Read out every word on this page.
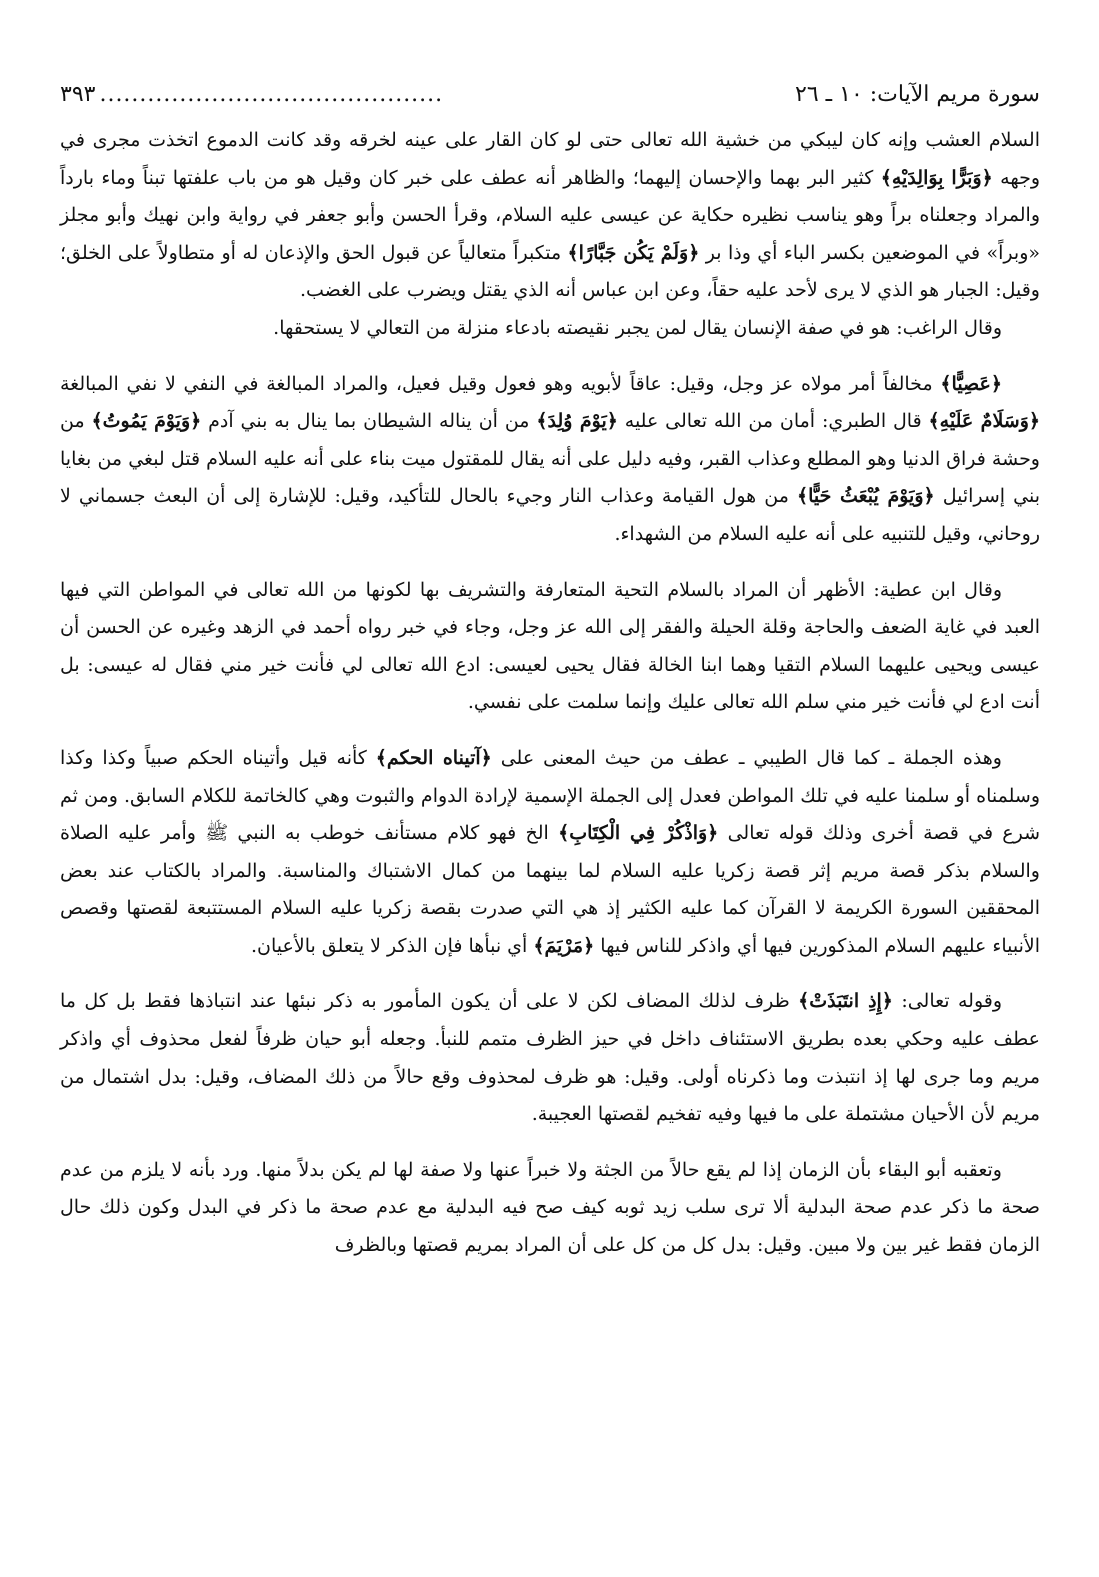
سورة مريم الآيات: ١٠ ـ ٢٦
...........................................
٣٩٣

السلام العشب وإنه كان ليبكي من خشية الله تعالى حتى لو كان القار على عينه لخرقه وقد كانت الدموع اتخذت مجرى في وجهه ﴿وَبَرًّا بِوَالِدَيْهِ﴾ كثير البر بهما والإحسان إليهما؛ والظاهر أنه عطف على خبر كان وقيل هو من باب علفتها تبناً وماء بارداً والمراد وجعلناه براً وهو يناسب نظيره حكاية عن عيسى عليه السلام، وقرأ الحسن وأبو جعفر في رواية وابن نهيك وأبو مجلز «وبراً» في الموضعين بكسر الباء أي وذا بر ﴿وَلَمْ يَكُن جَبَّارًا﴾ متكبراً متعالياً عن قبول الحق والإذعان له أو متطاولاً على الخلق؛ وقيل: الجبار هو الذي لا يرى لأحد عليه حقاً، وعن ابن عباس أنه الذي يقتل ويضرب على الغضب.

وقال الراغب: هو في صفة الإنسان يقال لمن يجبر نقيصته بادعاء منزلة من التعالي لا يستحقها.

﴿عَصِيًّا﴾ مخالفاً أمر مولاه عز وجل، وقيل: عاقاً لأبويه وهو فعول وقيل فعيل، والمراد المبالغة في النفي لا نفي المبالغة ﴿وَسَلَامٌ عَلَيْهِ﴾ قال الطبري: أمان من الله تعالى عليه ﴿يَوْمَ وُلِدَ﴾ من أن يناله الشيطان بما ينال به بني آدم ﴿وَيَوْمَ يَمُوتُ﴾ من وحشة فراق الدنيا وهو المطلع وعذاب القبر، وفيه دليل على أنه يقال للمقتول ميت بناء على أنه عليه السلام قتل لبغي من بغايا بني إسرائيل ﴿وَيَوْمَ يُبْعَثُ حَيًّا﴾ من هول القيامة وعذاب النار وجيء بالحال للتأكيد، وقيل: للإشارة إلى أن البعث جسماني لا روحاني، وقيل للتنبيه على أنه عليه السلام من الشهداء.

وقال ابن عطية: الأظهر أن المراد بالسلام التحية المتعارفة والتشريف بها لكونها من الله تعالى في المواطن التي فيها العبد في غاية الضعف والحاجة وقلة الحيلة والفقر إلى الله عز وجل، وجاء في خبر رواه أحمد في الزهد وغيره عن الحسن أن عيسى ويحيى عليهما السلام التقيا وهما ابنا الخالة فقال يحيى لعيسى: ادع الله تعالى لي فأنت خير مني فقال له عيسى: بل أنت ادع لي فأنت خير مني سلم الله تعالى عليك وإنما سلمت على نفسي.

وهذه الجملة ـ كما قال الطيبي ـ عطف من حيث المعنى على ﴿آتيناه الحكم﴾ كأنه قيل وأتيناه الحكم صبياً وكذا وكذا وسلمناه أو سلمنا عليه في تلك المواطن فعدل إلى الجملة الإسمية لإرادة الدوام والثبوت وهي كالخاتمة للكلام السابق. ومن ثم شرع في قصة أخرى وذلك قوله تعالى ﴿وَاذْكُرْ فِي الْكِتَابِ﴾ الخ فهو كلام مستأنف خوطب به النبي ﷺ وأمر عليه الصلاة والسلام بذكر قصة مريم إثر قصة زكريا عليه السلام لما بينهما من كمال الاشتباك والمناسبة. والمراد بالكتاب عند بعض المحققين السورة الكريمة لا القرآن كما عليه الكثير إذ هي التي صدرت بقصة زكريا عليه السلام المستتبعة لقصتها وقصص الأنبياء عليهم السلام المذكورين فيها أي واذكر للناس فيها ﴿مَرْيَمَ﴾ أي نبأها فإن الذكر لا يتعلق بالأعيان.

وقوله تعالى: ﴿إِذِ انتَبَذَتْ﴾ ظرف لذلك المضاف لكن لا على أن يكون المأمور به ذكر نبئها عند انتباذها فقط بل كل ما عطف عليه وحكي بعده بطريق الاستئناف داخل في حيز الظرف متمم للنبأ. وجعله أبو حيان ظرفاً لفعل محذوف أي واذكر مريم وما جرى لها إذ انتبذت وما ذكرناه أولى. وقيل: هو ظرف لمحذوف وقع حالاً من ذلك المضاف، وقيل: بدل اشتمال من مريم لأن الأحيان مشتملة على ما فيها وفيه تفخيم لقصتها العجيبة.

وتعقبه أبو البقاء بأن الزمان إذا لم يقع حالاً من الجثة ولا خبراً عنها ولا صفة لها لم يكن بدلاً منها. ورد بأنه لا يلزم من عدم صحة ما ذكر عدم صحة البدلية ألا ترى سلب زيد ثوبه كيف صح فيه البدلية مع عدم صحة ما ذكر في البدل وكون ذلك حال الزمان فقط غير بين ولا مبين. وقيل: بدل كل من كل على أن المراد بمريم قصتها وبالظرف
